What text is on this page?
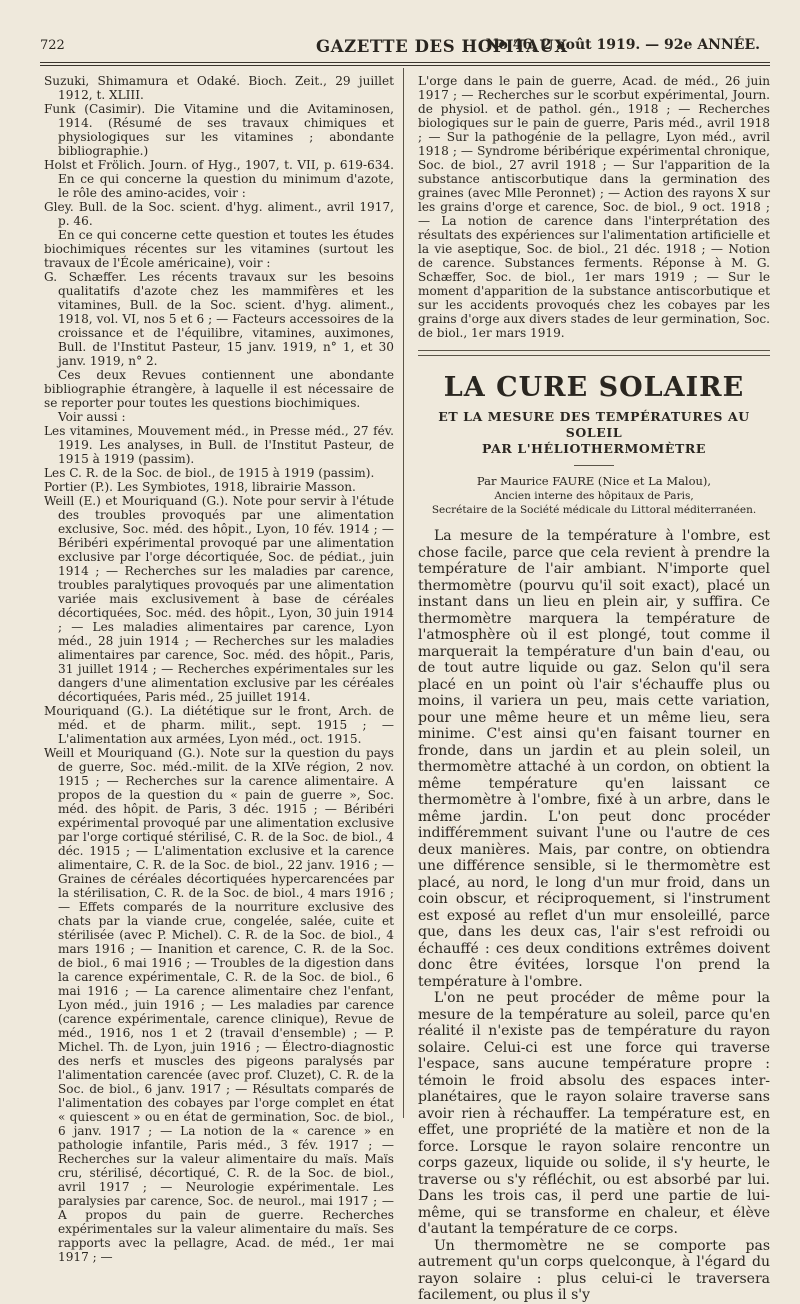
722	GAZETTE DES HOPITAUX
No 46, 2 août 1919. — 92e ANNÉE.

Suzuki, Shimamura et Odaké. Bioch. Zeit., 29 juillet 1912, t. XLIII.

Funk (Casimir). Die Vitamine und die Avitaminosen, 1914. (Résumé de ses travaux chimiques et physiologiques sur les vitamines ; abondante bibliographie.)

Holst et Frölich. Journ. of Hyg., 1907, t. VII, p. 619-634. En ce qui concerne la question du minimum d'azote, le rôle des amino-acides, voir :

Gley. Bull. de la Soc. scient. d'hyg. aliment., avril 1917, p. 46.

En ce qui concerne cette question et toutes les études biochimiques récentes sur les vitamines (surtout les travaux de l'École américaine), voir :

G. Schæffer. Les récents travaux sur les besoins qualitatifs d'azote chez les mammifères et les vitamines, Bull. de la Soc. scient. d'hyg. aliment., 1918, vol. VI, nos 5 et 6 ; — Facteurs accessoires de la croissance et de l'équilibre, vitamines, auximones, Bull. de l'Institut Pasteur, 15 janv. 1919, n° 1, et 30 janv. 1919, n° 2.

Ces deux Revues contiennent une abondante bibliographie étrangère, à laquelle il est nécessaire de se reporter pour toutes les questions biochimiques.

Voir aussi :

Les vitamines, Mouvement méd., in Presse méd., 27 fév. 1919. Les analyses, in Bull. de l'Institut Pasteur, de 1915 à 1919 (passim).

Les C. R. de la Soc. de biol., de 1915 à 1919 (passim).

Portier (P.). Les Symbiotes, 1918, librairie Masson.

Weill (E.) et Mouriquand (G.). Note pour servir à l'étude des troubles provoqués par une alimentation exclusive, Soc. méd. des hôpit., Lyon, 10 fév. 1914 ; — Béribéri expérimental provoqué par une alimentation exclusive par l'orge décortiquée, Soc. de pédiat., juin 1914 ; — Recherches sur les maladies par carence, troubles paralytiques provoqués par une alimentation variée mais exclusivement à base de céréales décortiquées, Soc. méd. des hôpit., Lyon, 30 juin 1914 ; — Les maladies alimentaires par carence, Lyon méd., 28 juin 1914 ; — Recherches sur les maladies alimentaires par carence, Soc. méd. des hôpit., Paris, 31 juillet 1914 ; — Recherches expérimentales sur les dangers d'une alimentation exclusive par les céréales décortiquées, Paris méd., 25 juillet 1914.

Mouriquand (G.). La diététique sur le front, Arch. de méd. et de pharm. milit., sept. 1915 ; — L'alimentation aux armées, Lyon méd., oct. 1915.

Weill et Mouriquand (G.). Note sur la question du pays de guerre, Soc. méd.-milit. de la XIVe région, 2 nov. 1915 ; — Recherches sur la carence alimentaire. A propos de la question du « pain de guerre », Soc. méd. des hôpit. de Paris, 3 déc. 1915 ; — Béribéri expérimental provoqué par une alimentation exclusive par l'orge cortiqué stérilisé, C. R. de la Soc. de biol., 4 déc. 1915 ; — L'alimentation exclusive et la carence alimentaire, C. R. de la Soc. de biol., 22 janv. 1916 ; — Graines de céréales décortiquées hypercarencées par la stérilisation, C. R. de la Soc. de biol., 4 mars 1916 ; — Effets comparés de la nourriture exclusive des chats par la viande crue, congelée, salée, cuite et stérilisée (avec P. Michel). C. R. de la Soc. de biol., 4 mars 1916 ; — Inanition et carence, C. R. de la Soc. de biol., 6 mai 1916 ; — Troubles de la digestion dans la carence expérimentale, C. R. de la Soc. de biol., 6 mai 1916 ; — La carence alimentaire chez l'enfant, Lyon méd., juin 1916 ; — Les maladies par carence (carence expérimentale, carence clinique), Revue de méd., 1916, nos 1 et 2 (travail d'ensemble) ; — P. Michel. Th. de Lyon, juin 1916 ; — Électro-diagnostic des nerfs et muscles des pigeons paralysés par l'alimentation carencée (avec prof. Cluzet), C. R. de la Soc. de biol., 6 janv. 1917 ; — Résultats comparés de l'alimentation des cobayes par l'orge complet en état « quiescent » ou en état de germination, Soc. de biol., 6 janv. 1917 ; — La notion de la « carence » en pathologie infantile, Paris méd., 3 fév. 1917 ; — Recherches sur la valeur alimentaire du maïs. Maïs cru, stérilisé, décortiqué, C. R. de la Soc. de biol., avril 1917 ; — Neurologie expérimentale. Les paralysies par carence, Soc. de neurol., mai 1917 ; — A propos du pain de guerre. Recherches expérimentales sur la valeur alimentaire du maïs. Ses rapports avec la pellagre, Acad. de méd., 1er mai 1917 ; —

L'orge dans le pain de guerre, Acad. de méd., 26 juin 1917 ; — Recherches sur le scorbut expérimental, Journ. de physiol. et de pathol. gén., 1918 ; — Recherches biologiques sur le pain de guerre, Paris méd., avril 1918 ; — Sur la pathogénie de la pellagre, Lyon méd., avril 1918 ; — Syndrome béribérique expérimental chronique, Soc. de biol., 27 avril 1918 ; — Sur l'apparition de la substance antiscorbutique dans la germination des graines (avec Mlle Peronnet) ; — Action des rayons X sur les grains d'orge et carence, Soc. de biol., 9 oct. 1918 ; — La notion de carence dans l'interprétation des résultats des expériences sur l'alimentation artificielle et la vie aseptique, Soc. de biol., 21 déc. 1918 ; — Notion de carence. Substances ferments. Réponse à M. G. Schæffer, Soc. de biol., 1er mars 1919 ; — Sur le moment d'apparition de la substance antiscorbutique et sur les accidents provoqués chez les cobayes par les grains d'orge aux divers stades de leur germination, Soc. de biol., 1er mars 1919.

LA CURE SOLAIRE

ET LA MESURE DES TEMPÉRATURES AU SOLEIL

PAR L'HÉLIOTHERMOMÈTRE

Par Maurice FAURE (Nice et La Malou),

Ancien interne des hôpitaux de Paris,

Secrétaire de la Société médicale du Littoral méditerranéen.

La mesure de la température à l'ombre, est chose facile, parce que cela revient à prendre la température de l'air ambiant. N'importe quel thermomètre (pourvu qu'il soit exact), placé un instant dans un lieu en plein air, y suffira. Ce thermomètre marquera la température de l'atmosphère où il est plongé, tout comme il marquerait la température d'un bain d'eau, ou de tout autre liquide ou gaz. Selon qu'il sera placé en un point où l'air s'échauffe plus ou moins, il variera un peu, mais cette variation, pour une même heure et un même lieu, sera minime. C'est ainsi qu'en faisant tourner en fronde, dans un jardin et au plein soleil, un thermomètre attaché à un cordon, on obtient la même température qu'en laissant ce thermomètre à l'ombre, fixé à un arbre, dans le même jardin. L'on peut donc procéder indifféremment suivant l'une ou l'autre de ces deux manières. Mais, par contre, on obtiendra une différence sensible, si le thermomètre est placé, au nord, le long d'un mur froid, dans un coin obscur, et réciproquement, si l'instrument est exposé au reflet d'un mur ensoleillé, parce que, dans les deux cas, l'air s'est refroidi ou échauffé : ces deux conditions extrêmes doivent donc être évitées, lorsque l'on prend la température à l'ombre.

L'on ne peut procéder de même pour la mesure de la température au soleil, parce qu'en réalité il n'existe pas de température du rayon solaire. Celui-ci est une force qui traverse l'espace, sans aucune température propre : témoin le froid absolu des espaces inter-planétaires, que le rayon solaire traverse sans avoir rien à réchauffer. La température est, en effet, une propriété de la matière et non de la force. Lorsque le rayon solaire rencontre un corps gazeux, liquide ou solide, il s'y heurte, le traverse ou s'y réfléchit, ou est absorbé par lui. Dans les trois cas, il perd une partie de lui-même, qui se transforme en chaleur, et élève d'autant la température de ce corps.

Un thermomètre ne se comporte pas autrement qu'un corps quelconque, à l'égard du rayon solaire : plus celui-ci le traversera facilement, ou plus il s'y
